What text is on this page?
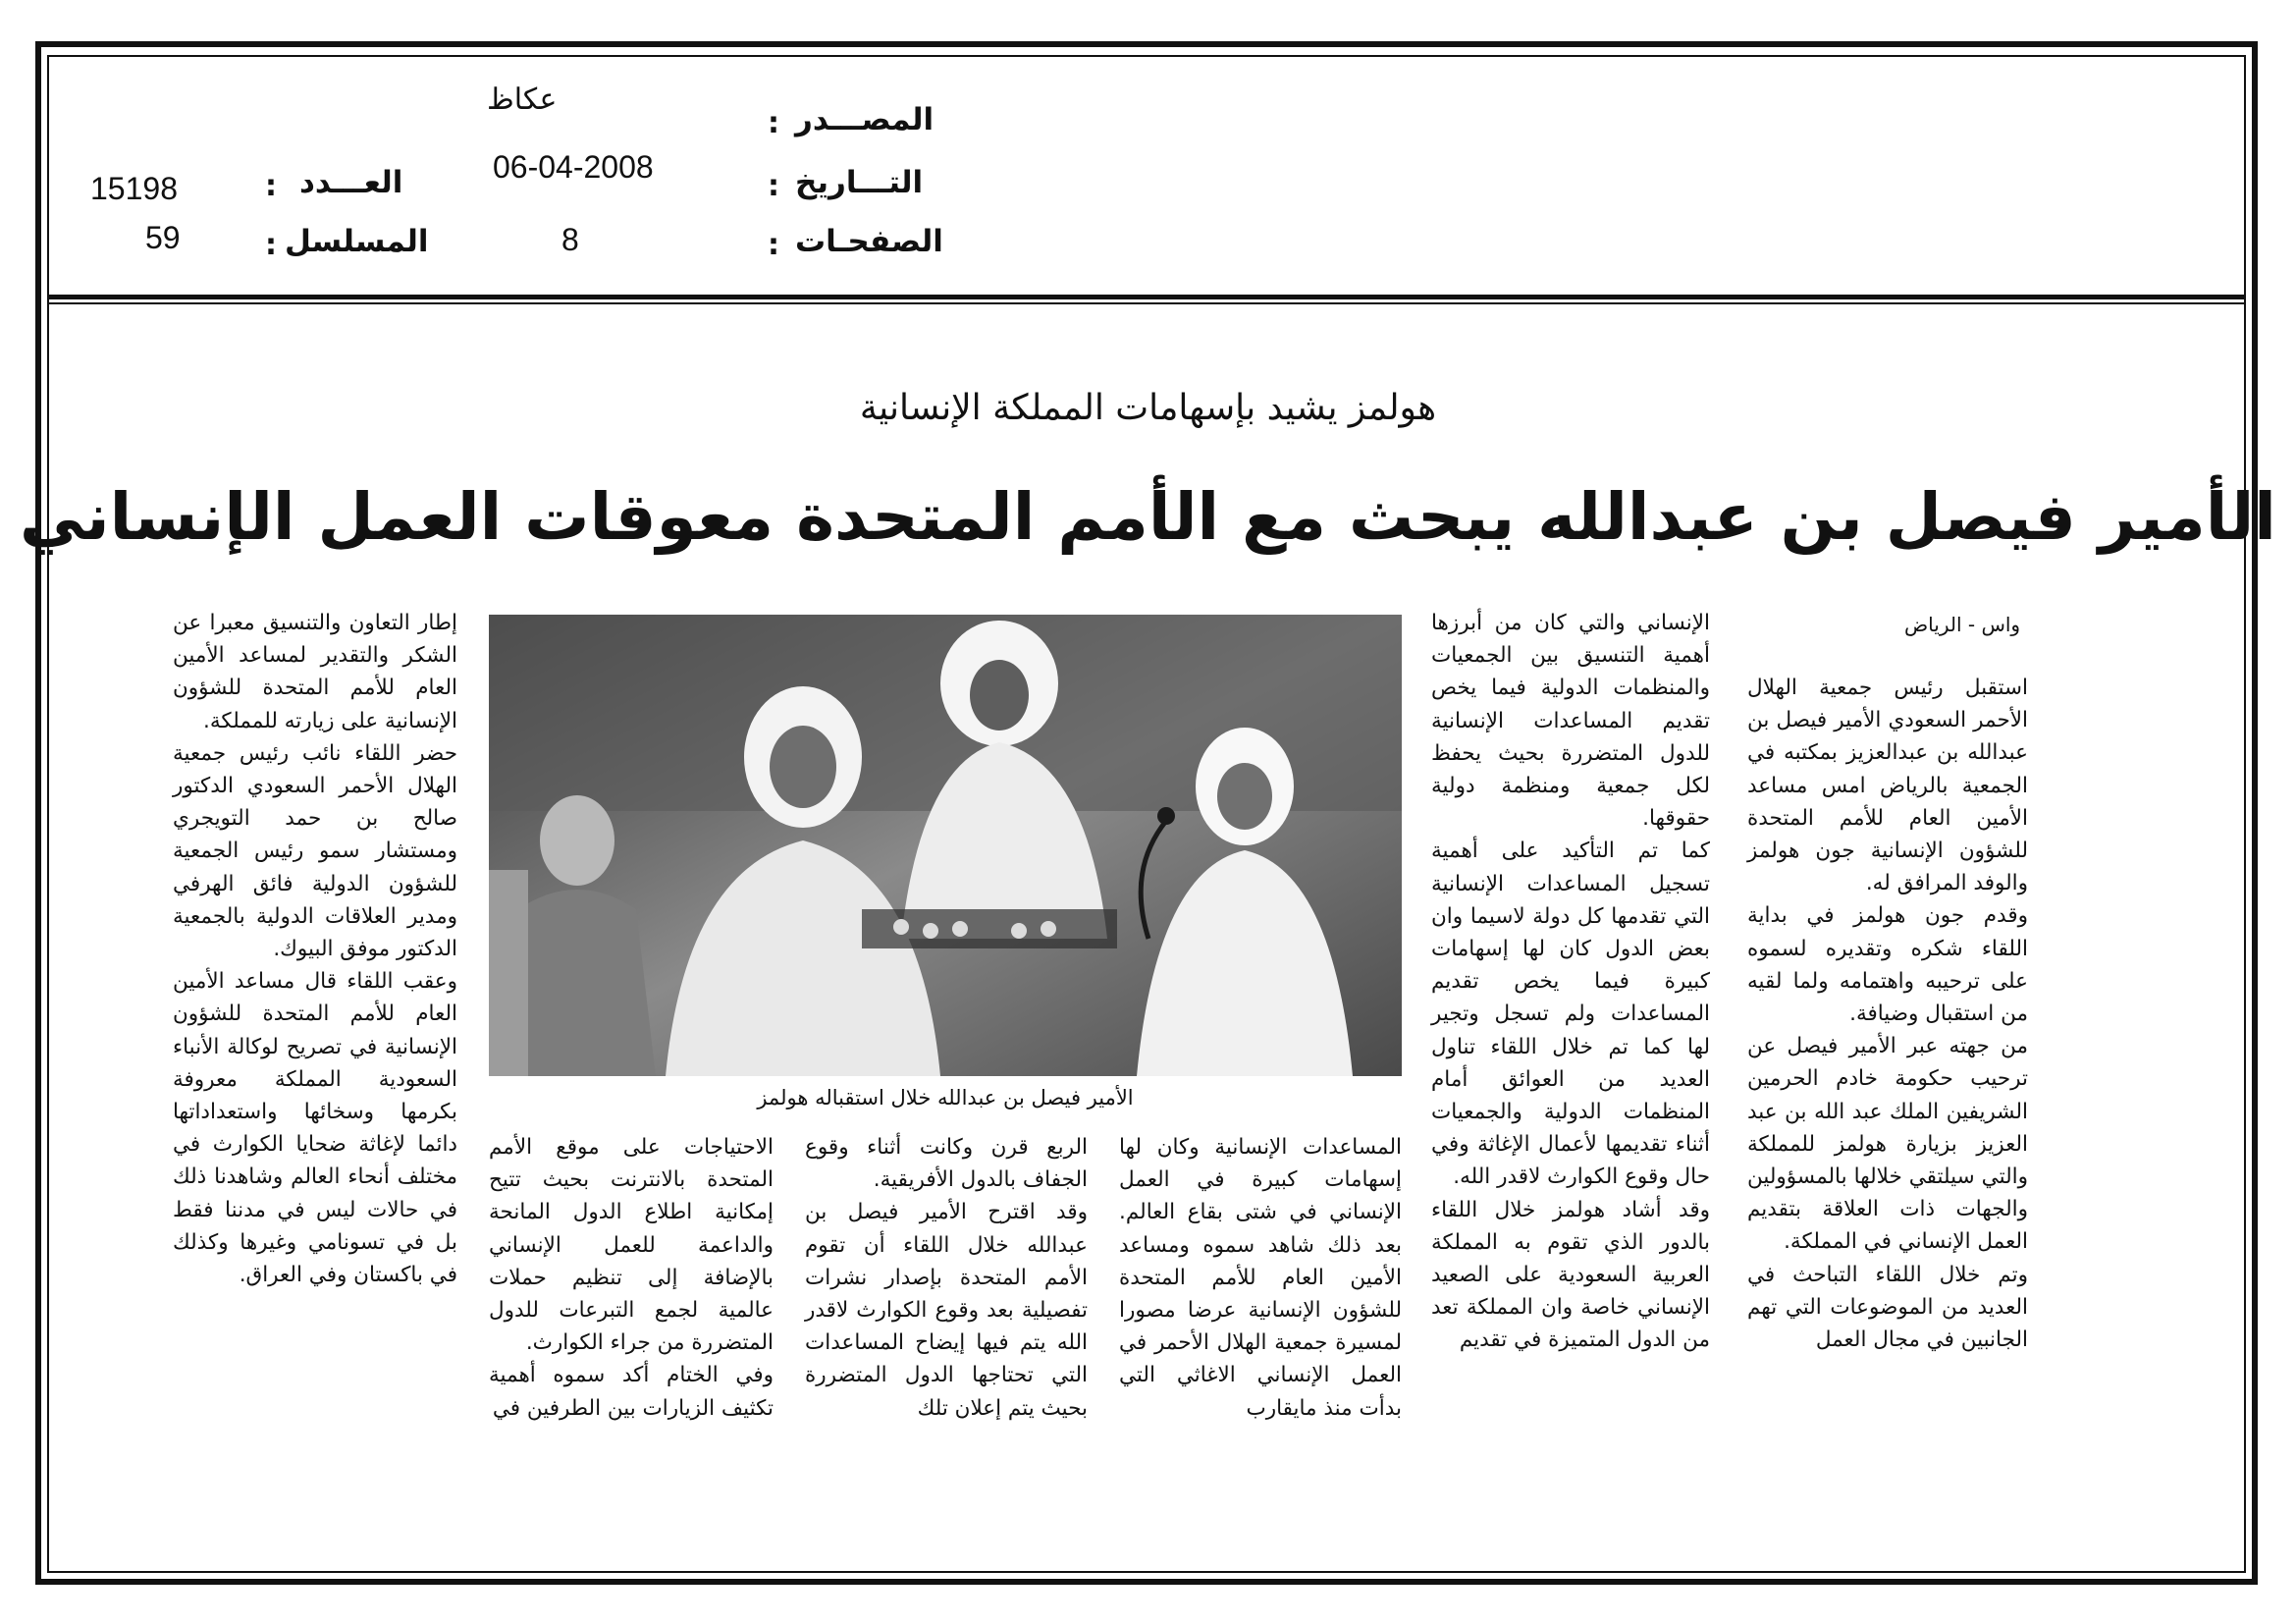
المصـــدر
:
عكاظ
التـــاريخ
:
06-04-2008
الصفحـات
:
8
العـــدد
:
15198
المسلسل
:
59
هولمز يشيد بإسهامات المملكة الإنسانية
الأمير فيصل بن عبدالله يبحث مع الأمم المتحدة معوقات العمل الإنساني
الأمير فيصل بن عبدالله خلال استقباله هولمز
واس - الرياض

استقبل رئيس جمعية الهلال الأحمر السعودي الأمير فيصل بن عبدالله بن عبدالعزيز بمكتبه في الجمعية بالرياض امس مساعد الأمين العام للأمم المتحدة للشؤون الإنسانية جون هولمز والوفد المرافق له.

وقدم جون هولمز في بداية اللقاء شكره وتقديره لسموه على ترحيبه واهتمامه ولما لقيه من استقبال وضيافة.

من جهته عبر الأمير فيصل عن ترحيب حكومة خادم الحرمين الشريفين الملك عبد الله بن عبد العزيز بزيارة هولمز للمملكة والتي سيلتقي خلالها بالمسؤولين والجهات ذات العلاقة بتقديم العمل الإنساني في المملكة.

وتم خلال اللقاء التباحث في العديد من الموضوعات التي تهم الجانبين في مجال العمل

الإنساني والتي كان من أبرزها أهمية التنسيق بين الجمعيات والمنظمات الدولية فيما يخص تقديم المساعدات الإنسانية للدول المتضررة بحيث يحفظ لكل جمعية ومنظمة دولية حقوقها.

كما تم التأكيد على أهمية تسجيل المساعدات الإنسانية التي تقدمها كل دولة لاسيما وان بعض الدول كان لها إسهامات كبيرة فيما يخص تقديم المساعدات ولم تسجل وتجير لها كما تم خلال اللقاء تناول العديد من العوائق أمام المنظمات الدولية والجمعيات أثناء تقديمها لأعمال الإغاثة وفي حال وقوع الكوارث لاقدر الله.

وقد أشاد هولمز خلال اللقاء بالدور الذي تقوم به المملكة العربية السعودية على الصعيد الإنساني خاصة وان المملكة تعد من الدول المتميزة في تقديم

المساعدات الإنسانية وكان لها إسهامات كبيرة في العمل الإنساني في شتى بقاع العالم. بعد ذلك شاهد سموه ومساعد الأمين العام للأمم المتحدة للشؤون الإنسانية عرضا مصورا لمسيرة جمعية الهلال الأحمر في العمل الإنساني الاغاثي التي بدأت منذ مايقارب

الربع قرن وكانت أثناء وقوع الجفاف بالدول الأفريقية.

وقد اقترح الأمير فيصل بن عبدالله خلال اللقاء أن تقوم الأمم المتحدة بإصدار نشرات تفصيلية بعد وقوع الكوارث لاقدر الله يتم فيها إيضاح المساعدات التي تحتاجها الدول المتضررة بحيث يتم إعلان تلك

الاحتياجات على موقع الأمم المتحدة بالانترنت بحيث تتيح إمكانية اطلاع الدول المانحة والداعمة للعمل الإنساني بالإضافة إلى تنظيم حملات عالمية لجمع التبرعات للدول المتضررة من جراء الكوارث.

وفي الختام أكد سموه أهمية تكثيف الزيارات بين الطرفين في

إطار التعاون والتنسيق معبرا عن الشكر والتقدير لمساعد الأمين العام للأمم المتحدة للشؤون الإنسانية على زيارته للمملكة.

حضر اللقاء نائب رئيس جمعية الهلال الأحمر السعودي الدكتور صالح بن حمد التويجري ومستشار سمو رئيس الجمعية للشؤون الدولية فائق الهرفي ومدير العلاقات الدولية بالجمعية الدكتور موفق البيوك.

وعقب اللقاء قال مساعد الأمين العام للأمم المتحدة للشؤون الإنسانية في تصريح لوكالة الأنباء السعودية المملكة معروفة بكرمها وسخائها واستعداداتها دائما لإغاثة ضحايا الكوارث في مختلف أنحاء العالم وشاهدنا ذلك في حالات ليس في مدننا فقط بل في تسونامي وغيرها وكذلك في باكستان وفي العراق.
